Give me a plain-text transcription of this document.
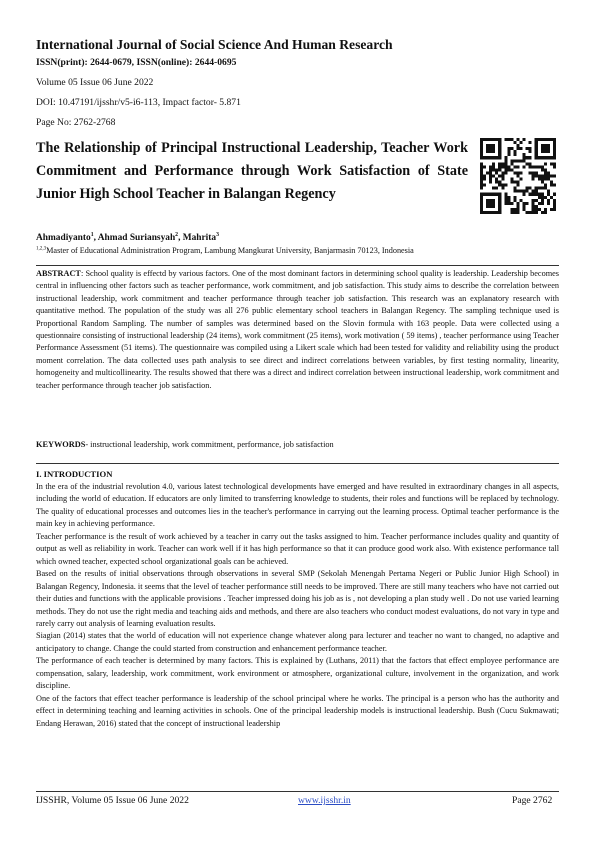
International Journal of Social Science And Human Research
ISSN(print): 2644-0679, ISSN(online): 2644-0695
Volume 05 Issue 06 June 2022
DOI: 10.47191/ijsshr/v5-i6-113, Impact factor- 5.871
Page No: 2762-2768
The Relationship of Principal Instructional Leadership, Teacher Work Commitment and Performance through Work Satisfaction of State Junior High School Teacher in Balangan Regency
Ahmadiyanto$^1$, Ahmad Suriansyah$^2$, Mahrita$^3$
$^{1,2,3}$Master of Educational Administration Program, Lambung Mangkurat University, Banjarmasin 70123, Indonesia
ABSTRACT: School quality is effectd by various factors. One of the most dominant factors in determining school quality is leadership. Leadership becomes central in influencing other factors such as teacher performance, work commitment, and job satisfaction. This study aims to describe the correlation between instructional leadership, work commitment and teacher performance through teacher job satisfaction. This research was an explanatory research with quantitative method. The population of the study was all 276 public elementary school teachers in Balangan Regency. The sampling technique used is Proportional Random Sampling. The number of samples was determined based on the Slovin formula with 163 people. Data were collected using a questionnaire consisting of instructional leadership (24 items), work commitment (25 items), work motivation ( 59 items) , teacher performance using Teacher Performance Assessment (51 items). The questionnaire was compiled using a Likert scale which had been tested for validity and reliability using the product moment correlation. The data collected uses path analysis to see direct and indirect correlations between variables, by first testing normality, linearity, homogeneity and multicollinearity. The results showed that there was a direct and indirect correlation between instructional leadership, work commitment and teacher performance through teacher job satisfaction.
KEYWORDS- instructional leadership, work commitment, performance, job satisfaction
I. INTRODUCTION

In the era of the industrial revolution 4.0, various latest technological developments have emerged and have resulted in extraordinary changes in all aspects, including the world of education. If educators are only limited to transferring knowledge to students, their roles and functions will be replaced by technology. The quality of educational processes and outcomes lies in the teacher's performance in carrying out the learning process. Optimal teacher performance is the main key in achieving performance.

Teacher performance is the result of work achieved by a teacher in carry out the tasks assigned to him. Teacher performance includes quality and quantity of output as well as reliability in work. Teacher can work well if it has high performance so that it can produce good work also. With existence performance tall which owned teacher, expected school organizational goals can be achieved.

Based on the results of initial observations through observations in several SMP (Sekolah Menengah Pertama Negeri or Public Junior High School) in Balangan Regency, Indonesia. it seems that the level of teacher performance still needs to be improved. There are still many teachers who have not carried out their duties and functions with the applicable provisions . Teacher impressed doing his job as is , not developing a plan study well . Do not use varied learning methods. They do not use the right media and teaching aids and methods, and there are also teachers who conduct modest evaluations, do not vary in type and rarely carry out analysis of learning evaluation results.

Siagian (2014) states that the world of education will not experience change whatever along para lecturer and teacher no want to changed, no adaptive and anticipatory to change. Change the could started from construction and enhancement performance teacher.

The performance of each teacher is determined by many factors. This is explained by (Luthans, 2011) that the factors that effect employee performance are compensation, salary, leadership, work commitment, work environment or atmosphere, organizational culture, involvement in the organization, and work discipline.

One of the factors that effect teacher performance is leadership of the school principal where he works. The principal is a person who has the authority and effect in determining teaching and learning activities in schools. One of the principal leadership models is instructional leadership. Bush (Cucu Sukmawati; Endang Herawan, 2016) stated that the concept of instructional leadership

IJSSHR, Volume 05 Issue 06 June 2022	www.ijsshr.in	Page 2762
